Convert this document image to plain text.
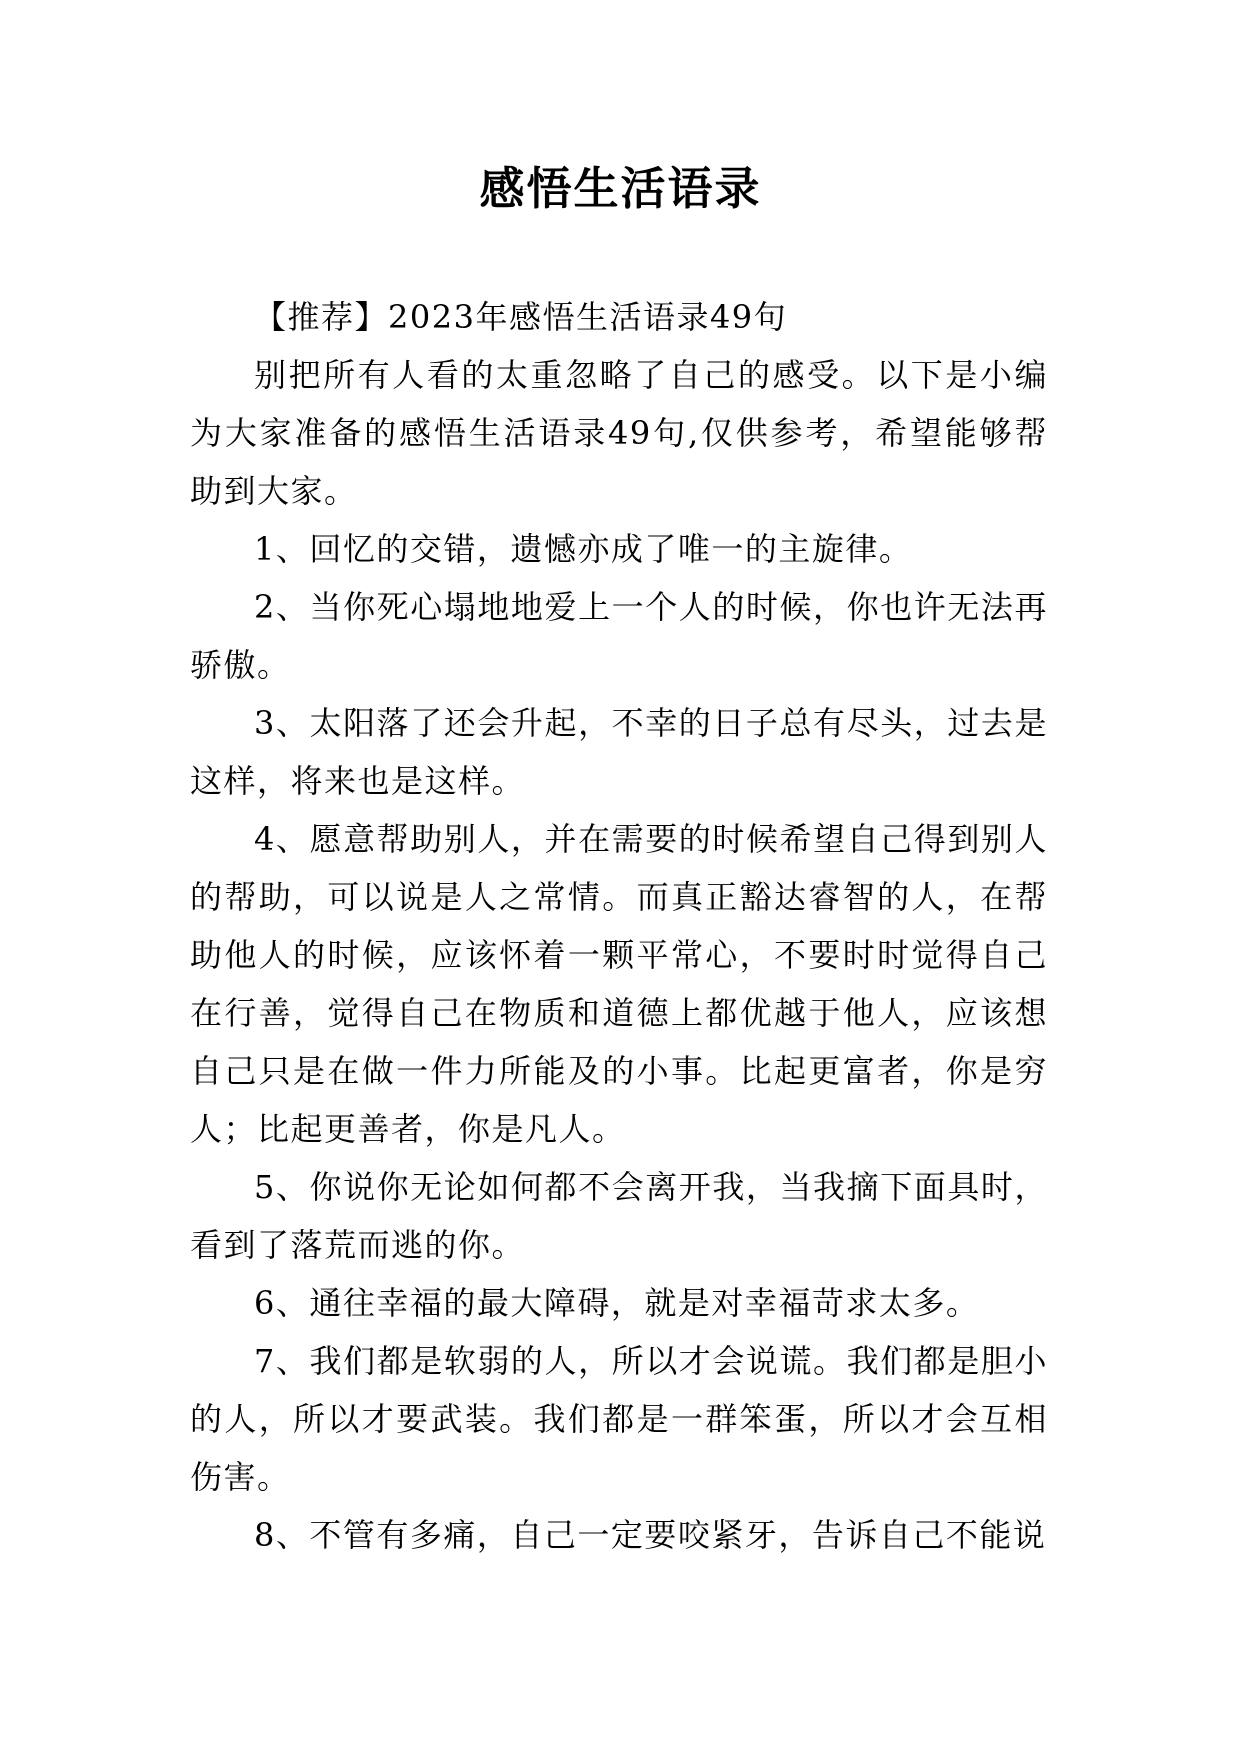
感悟生活语录

【推荐】2023年感悟生活语录49句

别把所有人看的太重忽略了自己的感受。以下是小编为大家准备的感悟生活语录49句,仅供参考，希望能够帮助到大家。

1、回忆的交错，遗憾亦成了唯一的主旋律。

2、当你死心塌地地爱上一个人的时候，你也许无法再骄傲。

3、太阳落了还会升起，不幸的日子总有尽头，过去是这样，将来也是这样。

4、愿意帮助别人，并在需要的时候希望自己得到别人的帮助，可以说是人之常情。而真正豁达睿智的人，在帮助他人的时候，应该怀着一颗平常心，不要时时觉得自己在行善，觉得自己在物质和道德上都优越于他人，应该想自己只是在做一件力所能及的小事。比起更富者，你是穷人；比起更善者，你是凡人。

5、你说你无论如何都不会离开我，当我摘下面具时，看到了落荒而逃的你。

6、通往幸福的最大障碍，就是对幸福苛求太多。

7、我们都是软弱的人，所以才会说谎。我们都是胆小的人，所以才要武装。我们都是一群笨蛋，所以才会互相伤害。

8、不管有多痛，自己一定要咬紧牙，告诉自己不能说
